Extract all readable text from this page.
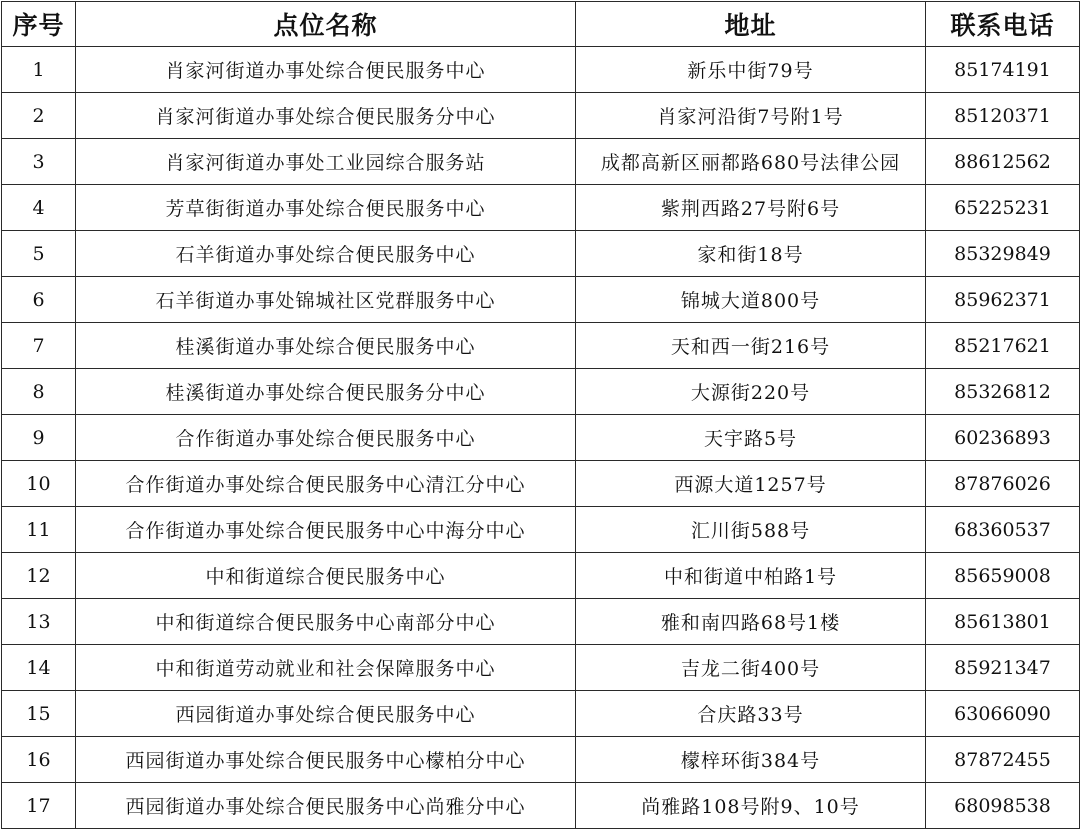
序号	点位名称	地址	联系电话
1	肖家河街道办事处综合便民服务中心	新乐中街79号	85174191
2	肖家河街道办事处综合便民服务分中心	肖家河沿街7号附1号	85120371
3	肖家河街道办事处工业园综合服务站	成都高新区丽都路680号法律公园	88612562
4	芳草街街道办事处综合便民服务中心	紫荆西路27号附6号	65225231
5	石羊街道办事处综合便民服务中心	家和街18号	85329849
6	石羊街道办事处锦城社区党群服务中心	锦城大道800号	85962371
7	桂溪街道办事处综合便民服务中心	天和西一街216号	85217621
8	桂溪街道办事处综合便民服务分中心	大源街220号	85326812
9	合作街道办事处综合便民服务中心	天宇路5号	60236893
10	合作街道办事处综合便民服务中心清江分中心	西源大道1257号	87876026
11	合作街道办事处综合便民服务中心中海分中心	汇川街588号	68360537
12	中和街道综合便民服务中心	中和街道中柏路1号	85659008
13	中和街道综合便民服务中心南部分中心	雅和南四路68号1楼	85613801
14	中和街道劳动就业和社会保障服务中心	吉龙二街400号	85921347
15	西园街道办事处综合便民服务中心	合庆路33号	63066090
16	西园街道办事处综合便民服务中心檬柏分中心	檬梓环街384号	87872455
17	西园街道办事处综合便民服务中心尚雅分中心	尚雅路108号附9、10号	68098538
